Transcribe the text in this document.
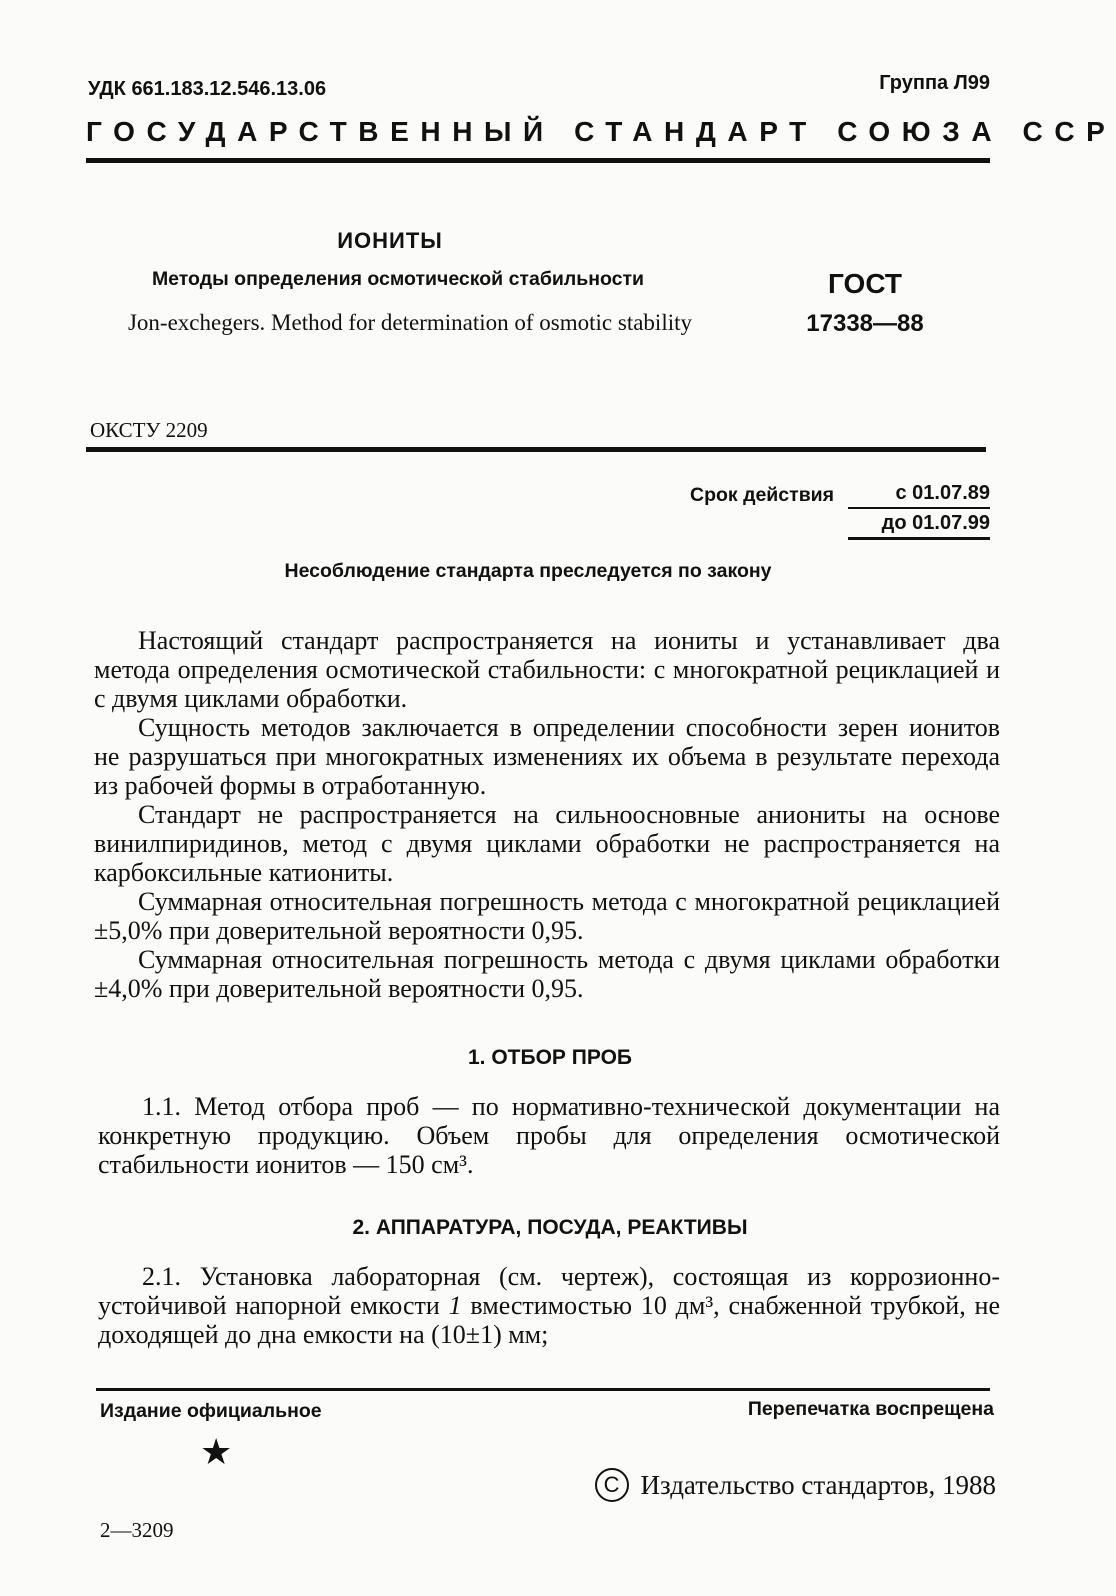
УДК 661.183.12.546.13.06	Группа Л99
ГОСУДАРСТВЕННЫЙ СТАНДАРТ СОЮЗА ССР
ИОНИТЫ
Методы определения осмотической стабильности
Jon-exchegers. Method for determination of osmotic stability
ГОСТ
17338—88
ОКСТУ 2209
Срок действия	с 01.07.89
до 01.07.99
Несоблюдение стандарта преследуется по закону

Настоящий стандарт распространяется на иониты и устанавливает два метода определения осмотической стабильности: с многократной рециклацией и с двумя циклами обработки.

Сущность методов заключается в определении способности зерен ионитов не разрушаться при многократных изменениях их объема в результате перехода из рабочей формы в отработанную.

Стандарт не распространяется на сильноосновные аниониты на основе винилпиридинов, метод с двумя циклами обработки не распространяется на карбоксильные катиониты.

Суммарная относительная погрешность метода с многократной рециклацией ±5,0% при доверительной вероятности 0,95.

Суммарная относительная погрешность метода с двумя циклами обработки ±4,0% при доверительной вероятности 0,95.

1. ОТБОР ПРОБ

1.1. Метод отбора проб — по нормативно-технической документации на конкретную продукцию. Объем пробы для определения осмотической стабильности ионитов — 150 см³.

2. АППАРАТУРА, ПОСУДА, РЕАКТИВЫ

2.1. Установка лабораторная (см. чертеж), состоящая из коррозионно-устойчивой напорной емкости 1 вместимостью 10 дм³, снабженной трубкой, не доходящей до дна емкости на (10±1) мм;

Издание официальное	Перепечатка воспрещена
★
C Издательство стандартов, 1988
2—3209
